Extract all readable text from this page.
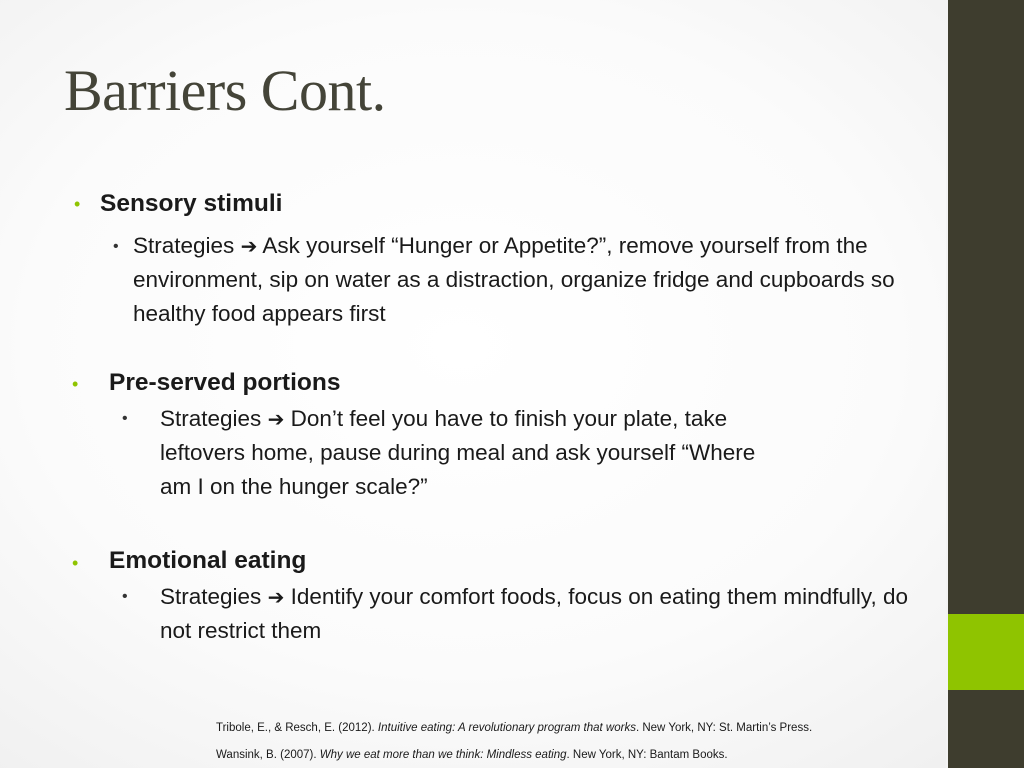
Barriers Cont.
• Sensory stimuli
• Strategies ➔ Ask yourself “Hunger or Appetite?”, remove yourself from the environment, sip on water as a distraction, organize fridge and cupboards so healthy food appears first
• Pre-served portions
• Strategies ➔ Don’t feel you have to finish your plate, take leftovers home, pause during meal and ask yourself “Where am I on the hunger scale?”
• Emotional eating
• Strategies ➔ Identify your comfort foods, focus on eating them mindfully, do not restrict them
Tribole, E., & Resch, E. (2012). Intuitive eating: A revolutionary program that works. New York, NY: St. Martin’s Press.
Wansink, B. (2007). Why we eat more than we think: Mindless eating. New York, NY: Bantam Books.
